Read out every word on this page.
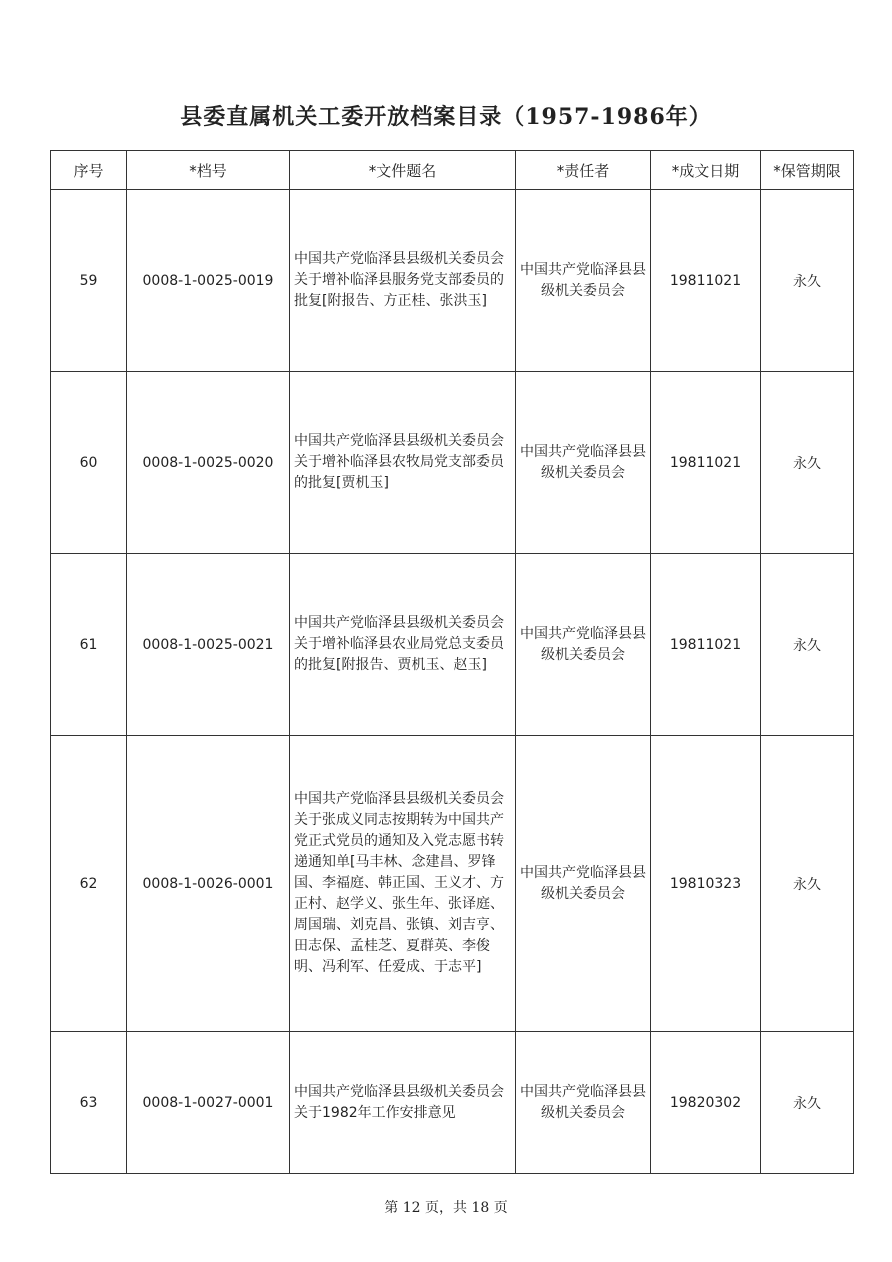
县委直属机关工委开放档案目录（1957-1986年）
序号	*档号	*文件题名	*责任者	*成文日期	*保管期限
59	0008-1-0025-0019	中国共产党临泽县县级机关委员会关于增补临泽县服务党支部委员的批复[附报告、方正桂、张洪玉]	中国共产党临泽县县级机关委员会	19811021	永久
60	0008-1-0025-0020	中国共产党临泽县县级机关委员会关于增补临泽县农牧局党支部委员的批复[贾机玉]	中国共产党临泽县县级机关委员会	19811021	永久
61	0008-1-0025-0021	中国共产党临泽县县级机关委员会关于增补临泽县农业局党总支委员的批复[附报告、贾机玉、赵玉]	中国共产党临泽县县级机关委员会	19811021	永久
62	0008-1-0026-0001	中国共产党临泽县县级机关委员会关于张成义同志按期转为中国共产党正式党员的通知及入党志愿书转递通知单[马丰林、念建昌、罗锋国、李福庭、韩正国、王义才、方正村、赵学义、张生年、张译庭、周国瑞、刘克昌、张镇、刘吉亨、田志保、孟桂芝、夏群英、李俊明、冯利军、任爱成、于志平]	中国共产党临泽县县级机关委员会	19810323	永久
63	0008-1-0027-0001	中国共产党临泽县县级机关委员会关于1982年工作安排意见	中国共产党临泽县县级机关委员会	19820302	永久

第 12 页，共 18 页
